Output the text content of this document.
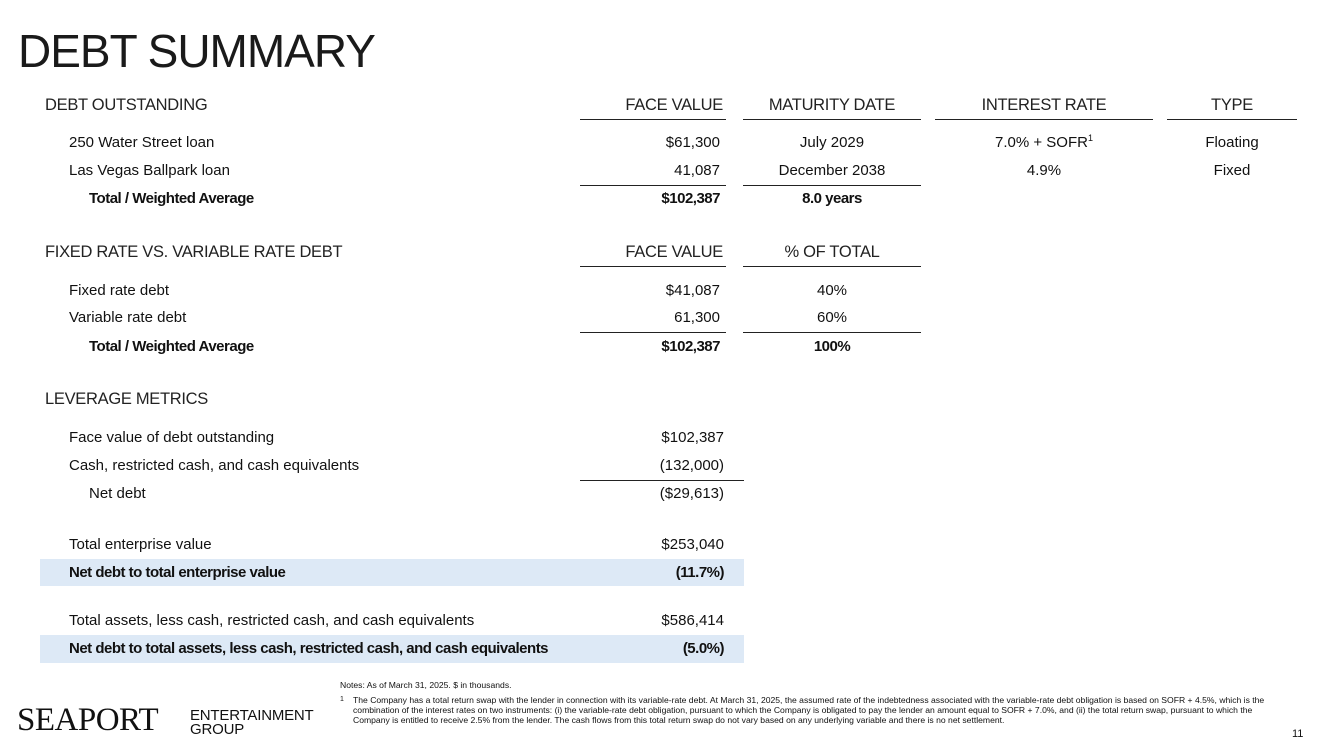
DEBT SUMMARY
DEBT OUTSTANDING	FACE VALUE	MATURITY DATE	INTEREST RATE	TYPE
250 Water Street loan	$61,300	July 2029	$7.0\% + SOFR^1$	Floating
Las Vegas Ballpark loan	41,087	December 2038	4.9%	Fixed
Total / Weighted Average	$102,387	8.0 years
FIXED RATE VS. VARIABLE RATE DEBT	FACE VALUE	% OF TOTAL
Fixed rate debt	$41,087	40%
Variable rate debt	61,300	60%
Total / Weighted Average	$102,387	100%
LEVERAGE METRICS
Face value of debt outstanding	$102,387
Cash, restricted cash, and cash equivalents	(132,000)
Net debt	($29,613)
Total enterprise value	$253,040
Net debt to total enterprise value	(11.7%)
Total assets, less cash, restricted cash, and cash equivalents	$586,414
Net debt to total assets, less cash, restricted cash, and cash equivalents	(5.0%)
Notes: As of March 31, 2025. $ in thousands.
1 The Company has a total return swap with the lender in connection with its variable-rate debt. At March 31, 2025, the assumed rate of the indebtedness associated with the variable-rate debt obligation is based on SOFR + 4.5%, which is the combination of the interest rates on two instruments: (i) the variable-rate debt obligation, pursuant to which the Company is obligated to pay the lender an amount equal to SOFR + 7.0%, and (ii) the total return swap, pursuant to which the Company is entitled to receive 2.5% from the lender. The cash flows from this total return swap do not vary based on any underlying variable and there is no net settlement.
SEAPORT ENTERTAINMENT
GROUP	11
